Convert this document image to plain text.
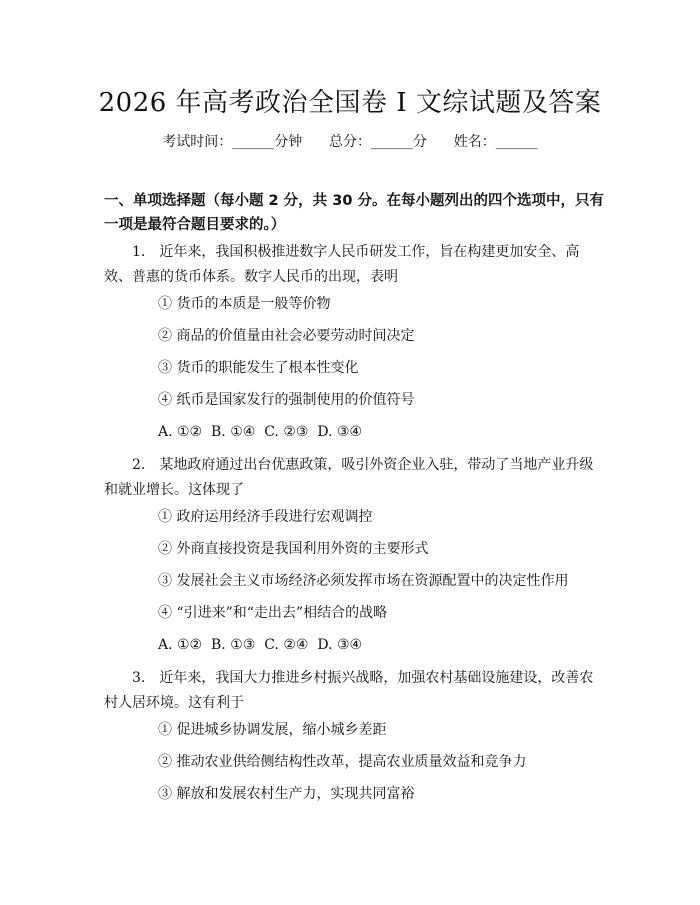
2026 年高考政治全国卷 I 文综试题及答案
考试时间：______分钟      总分：______分      姓名：______
一、单项选择题（每小题 2 分，共 30 分。在每小题列出的四个选项中，只有一项是最符合题目要求的。）
1.　近年来，我国积极推进数字人民币研发工作，旨在构建更加安全、高效、普惠的货币体系。数字人民币的出现，表明
① 货币的本质是一般等价物
② 商品的价值量由社会必要劳动时间决定
③ 货币的职能发生了根本性变化
④ 纸币是国家发行的强制使用的价值符号
A. ①②  B. ①④  C. ②③  D. ③④
2.　某地政府通过出台优惠政策，吸引外资企业入驻，带动了当地产业升级和就业增长。这体现了
① 政府运用经济手段进行宏观调控
② 外商直接投资是我国利用外资的主要形式
③ 发展社会主义市场经济必须发挥市场在资源配置中的决定性作用
④ “引进来”和“走出去”相结合的战略
A. ①②  B. ①③  C. ②④  D. ③④
3.　近年来，我国大力推进乡村振兴战略，加强农村基础设施建设，改善农村人居环境。这有利于
① 促进城乡协调发展，缩小城乡差距
② 推动农业供给侧结构性改革，提高农业质量效益和竞争力
③ 解放和发展农村生产力，实现共同富裕
